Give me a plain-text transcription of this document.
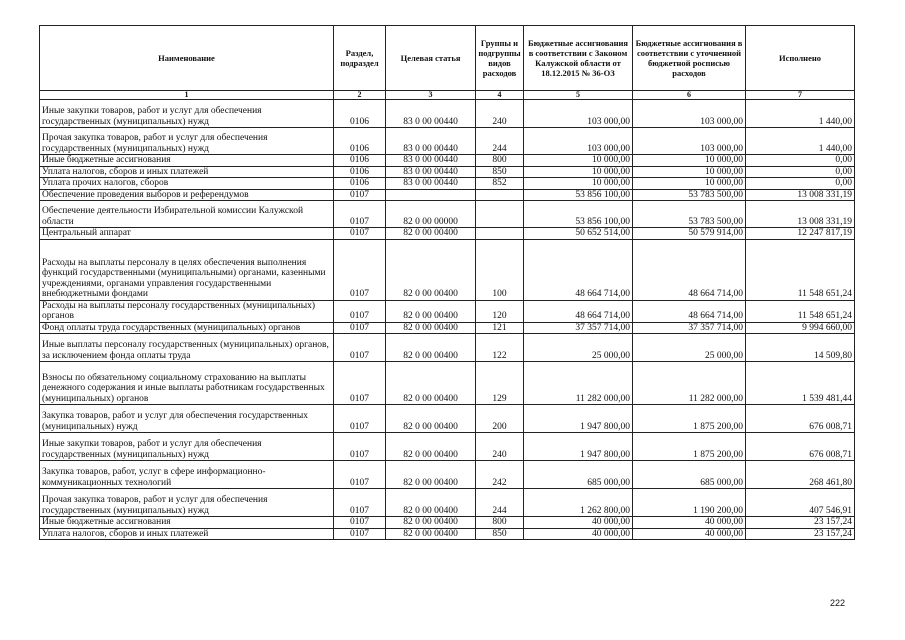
Наименование	Раздел, подраздел	Целевая статья	Группы и подгруппы видов расходов	Бюджетные ассигнования в соответствии с Законом Калужской области от 18.12.2015 № 36-ОЗ	Бюджетные ассигнования в соответствии с уточненной бюджетной росписью расходов	Исполнено
1	2	3	4	5	6	7
Иные закупки товаров, работ и услуг для обеспечения государственных (муниципальных) нужд	0106	83 0 00 00440	240	103 000,00	103 000,00	1 440,00
Прочая закупка товаров, работ и услуг для обеспечения государственных (муниципальных) нужд	0106	83 0 00 00440	244	103 000,00	103 000,00	1 440,00
Иные бюджетные ассигнования	0106	83 0 00 00440	800	10 000,00	10 000,00	0,00
Уплата налогов, сборов и иных платежей	0106	83 0 00 00440	850	10 000,00	10 000,00	0,00
Уплата прочих налогов, сборов	0106	83 0 00 00440	852	10 000,00	10 000,00	0,00
Обеспечение проведения выборов и референдумов	0107			53 856 100,00	53 783 500,00	13 008 331,19
Обеспечение деятельности Избирательной комиссии Калужской области	0107	82 0 00 00000		53 856 100,00	53 783 500,00	13 008 331,19
Центральный аппарат	0107	82 0 00 00400		50 652 514,00	50 579 914,00	12 247 817,19
Расходы на выплаты персоналу в целях обеспечения выполнения функций государственными (муниципальными) органами, казенными учреждениями, органами управления государственными внебюджетными фондами	0107	82 0 00 00400	100	48 664 714,00	48 664 714,00	11 548 651,24
Расходы на выплаты персоналу государственных (муниципальных) органов	0107	82 0 00 00400	120	48 664 714,00	48 664 714,00	11 548 651,24
Фонд оплаты труда государственных (муниципальных) органов	0107	82 0 00 00400	121	37 357 714,00	37 357 714,00	9 994 660,00
Иные выплаты персоналу государственных (муниципальных) органов, за исключением фонда оплаты труда	0107	82 0 00 00400	122	25 000,00	25 000,00	14 509,80
Взносы по обязательному социальному страхованию на выплаты денежного содержания и иные выплаты работникам государственных (муниципальных) органов	0107	82 0 00 00400	129	11 282 000,00	11 282 000,00	1 539 481,44
Закупка товаров, работ и услуг для обеспечения государственных (муниципальных) нужд	0107	82 0 00 00400	200	1 947 800,00	1 875 200,00	676 008,71
Иные закупки товаров, работ и услуг для обеспечения государственных (муниципальных) нужд	0107	82 0 00 00400	240	1 947 800,00	1 875 200,00	676 008,71
Закупка товаров, работ, услуг в сфере информационно-коммуникационных технологий	0107	82 0 00 00400	242	685 000,00	685 000,00	268 461,80
Прочая закупка товаров, работ и услуг для обеспечения государственных (муниципальных) нужд	0107	82 0 00 00400	244	1 262 800,00	1 190 200,00	407 546,91
Иные бюджетные ассигнования	0107	82 0 00 00400	800	40 000,00	40 000,00	23 157,24
Уплата налогов, сборов и иных платежей	0107	82 0 00 00400	850	40 000,00	40 000,00	23 157,24
222
